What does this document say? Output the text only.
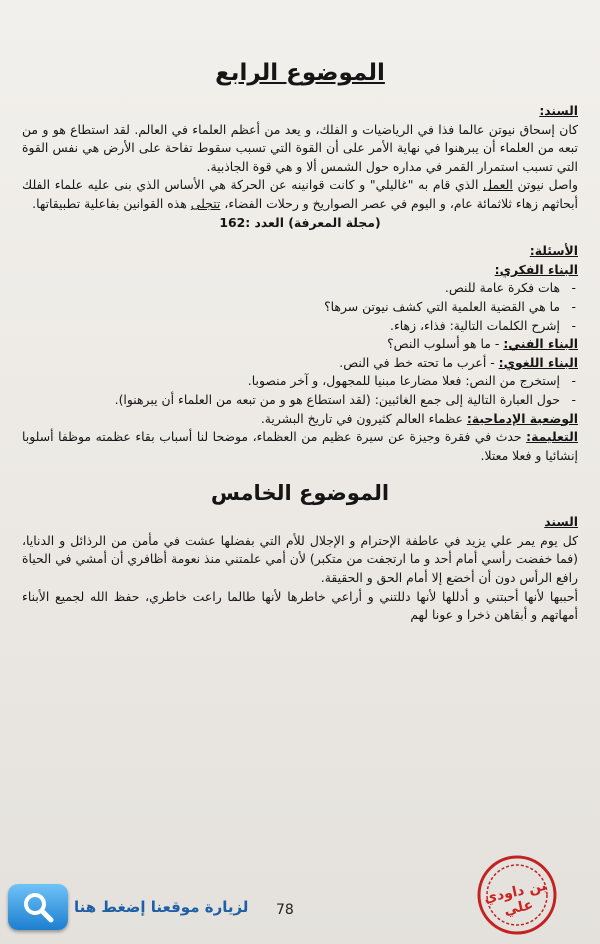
الموضوع الرابع

السند:

كان إسحاق نيوتن عالما فذا في الرياضيات و الفلك، و يعد من أعظم العلماء في العالم. لقد استطاع هو و من تبعه من العلماء أن يبرهنوا في نهاية الأمر على أن القوة التي تسبب سقوط تفاحة على الأرض هي نفس القوة التي تسبب استمرار القمر في مداره حول الشمس ألا و هي قوة الجاذبية.

واصل نيوتن العمل الذي قام به "غاليلي" و كانت قوانينه عن الحركة هي الأساس الذي بنى عليه علماء الفلك أبحاثهم زهاء ثلاثمائة عام، و اليوم في عصر الصواريخ و رحلات الفضاء، تتجلى هذه القوانين بفاعلية تطبيقاتها.

(مجلة المعرفة) العدد :162

الأسئلة:

البناء الفكري:

- هات فكرة عامة للنص.

- ما هي القضية العلمية التي كشف نيوتن سرها؟

- إشرح الكلمات التالية: فذاء، زهاء.

البناء الفني: - ما هو أسلوب النص؟

البناء اللغوي: - أعرب ما تحته خط في النص.

- إستخرج من النص: فعلا مضارعا مبنيا للمجهول، و آخر منصوبا.

- حول العبارة التالية إلى جمع الغائبين: (لقد استطاع هو و من تبعه من العلماء أن يبرهنوا).

الوضعية الإدماجية: عظماء العالم كثيرون في تاريخ البشرية.

التعليمة: حدث في فقرة وجيزة عن سيرة عظيم من العظماء، موضحا لنا أسباب بقاء عظمته موظفا أسلوبا إنشائيا و فعلا معتلا.

الموضوع الخامس

السند

كل يوم يمر علي يزيد في عاطفة الإحترام و الإجلال للأم التي بفضلها عشت في مأمن من الرذائل و الدنايا، (فما خفضت رأسي أمام أحد و ما ارتجفت من متكبر) لأن أمي علمتني منذ نعومة أظافري أن أمشي في الحياة رافع الرأس دون أن أخضع إلا أمام الحق و الحقيقة.

أحببها لأنها أحبتني و أدللها لأنها دللتني و أراعي خاطرها لأنها طالما راعت خاطري، حفظ الله لجميع الأبناء أمهاتهم و أبقاهن ذخرا و عونا لهم

لزيارة موقعنا إضغط هنا 78
بن داودي علي
